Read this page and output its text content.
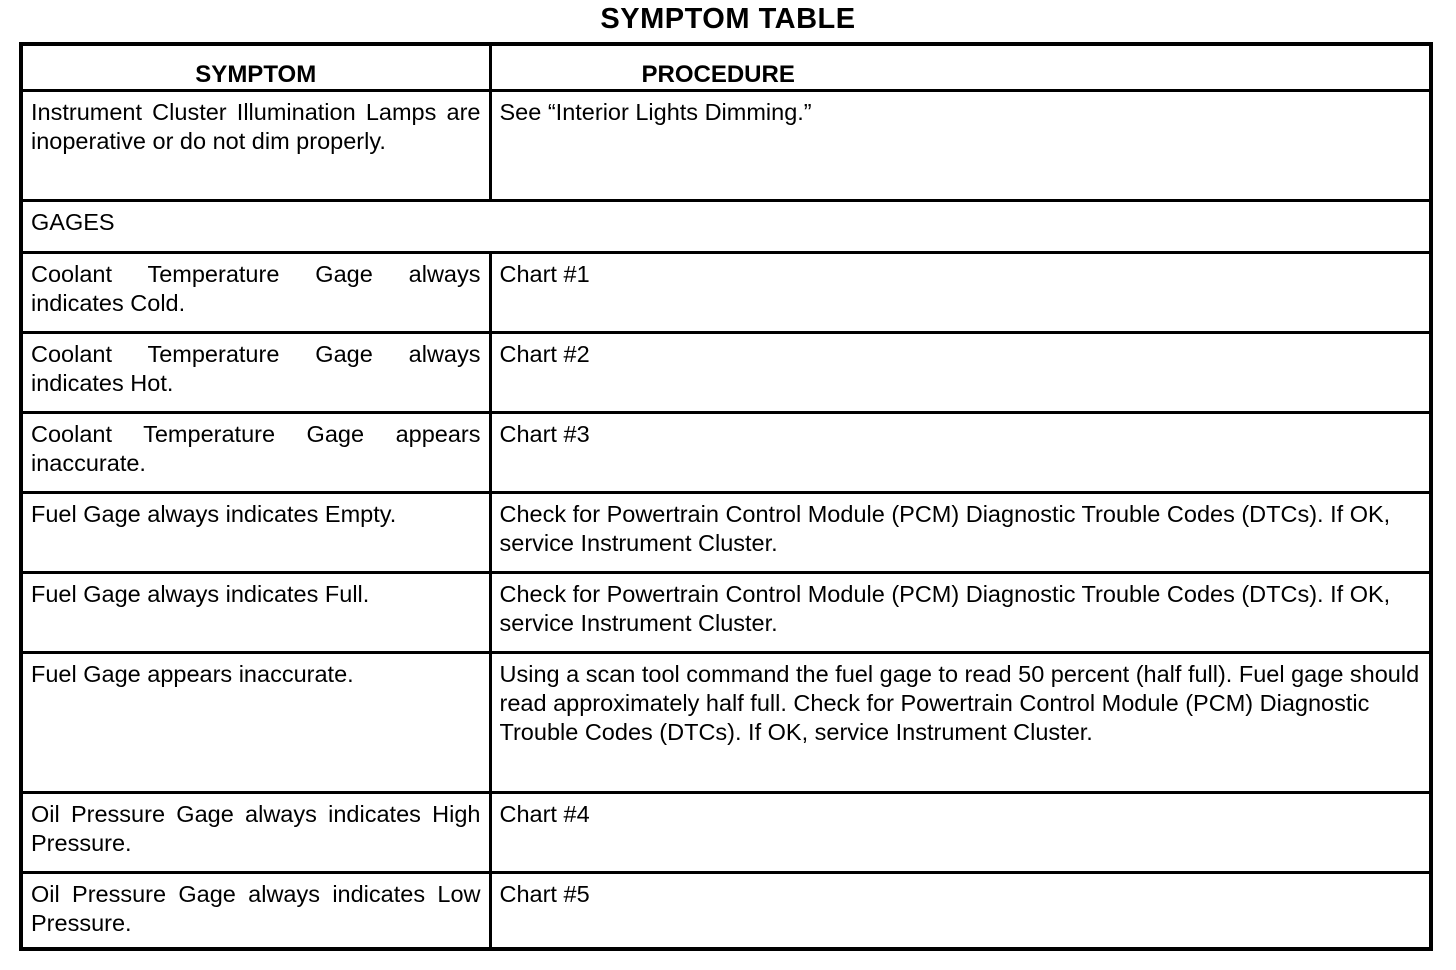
SYMPTOM TABLE
SYMPTOM	PROCEDURE
Instrument Cluster Illumination Lamps are inoperative or do not dim properly.	See “Interior Lights Dimming.”
GAGES	
Coolant Temperature Gage always indicates Cold.	Chart #1
Coolant Temperature Gage always indicates Hot.	Chart #2
Coolant Temperature Gage appears inaccurate.	Chart #3
Fuel Gage always indicates Empty.	Check for Powertrain Control Module (PCM) Diagnostic Trouble Codes (DTCs). If OK, service Instrument Cluster.
Fuel Gage always indicates Full.	Check for Powertrain Control Module (PCM) Diagnostic Trouble Codes (DTCs). If OK, service Instrument Cluster.
Fuel Gage appears inaccurate.	Using a scan tool command the fuel gage to read 50 percent (half full). Fuel gage should read approximately half full. Check for Powertrain Control Module (PCM) Diagnostic Trouble Codes (DTCs). If OK, service Instrument Cluster.
Oil Pressure Gage always indicates High Pressure.	Chart #4
Oil Pressure Gage always indicates Low Pressure.	Chart #5
